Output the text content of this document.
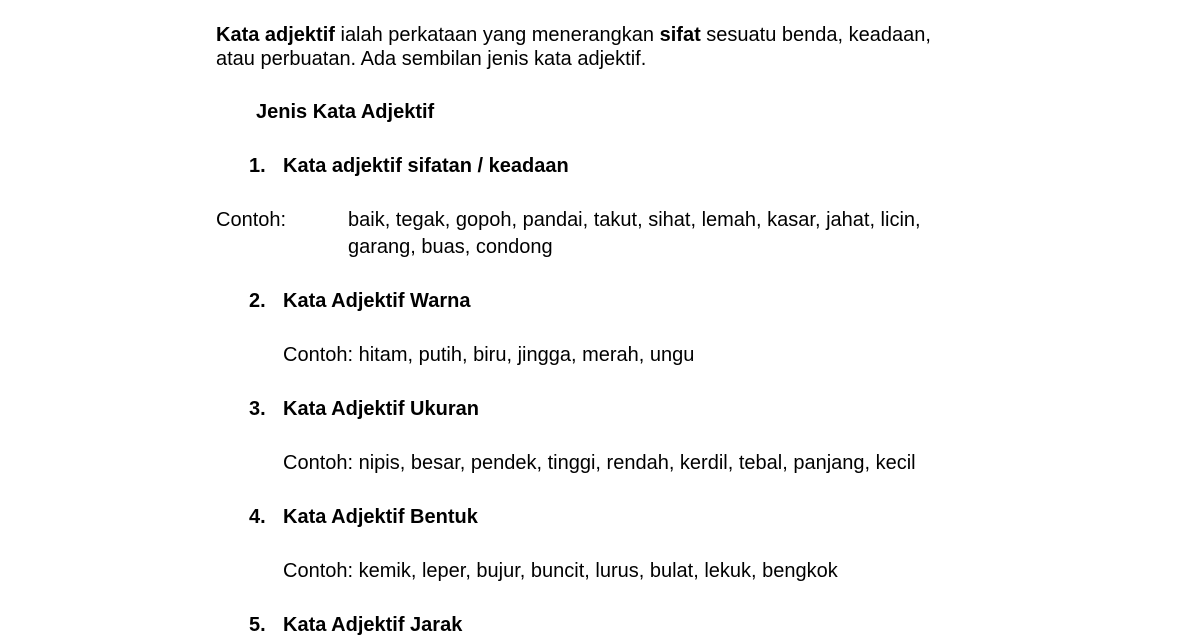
Kata adjektif ialah perkataan yang menerangkan sifat sesuatu benda, keadaan,
atau perbuatan. Ada sembilan jenis kata adjektif.
Jenis Kata Adjektif
1. Kata adjektif sifatan / keadaan
Contoh:	baik, tegak, gopoh, pandai, takut, sihat, lemah, kasar, jahat, licin,
garang, buas, condong
2. Kata Adjektif Warna
Contoh: hitam, putih, biru, jingga, merah, ungu
3. Kata Adjektif Ukuran
Contoh: nipis, besar, pendek, tinggi, rendah, kerdil, tebal, panjang, kecil
4. Kata Adjektif Bentuk
Contoh: kemik, leper, bujur, buncit, lurus, bulat, lekuk, bengkok
5. Kata Adjektif Jarak
